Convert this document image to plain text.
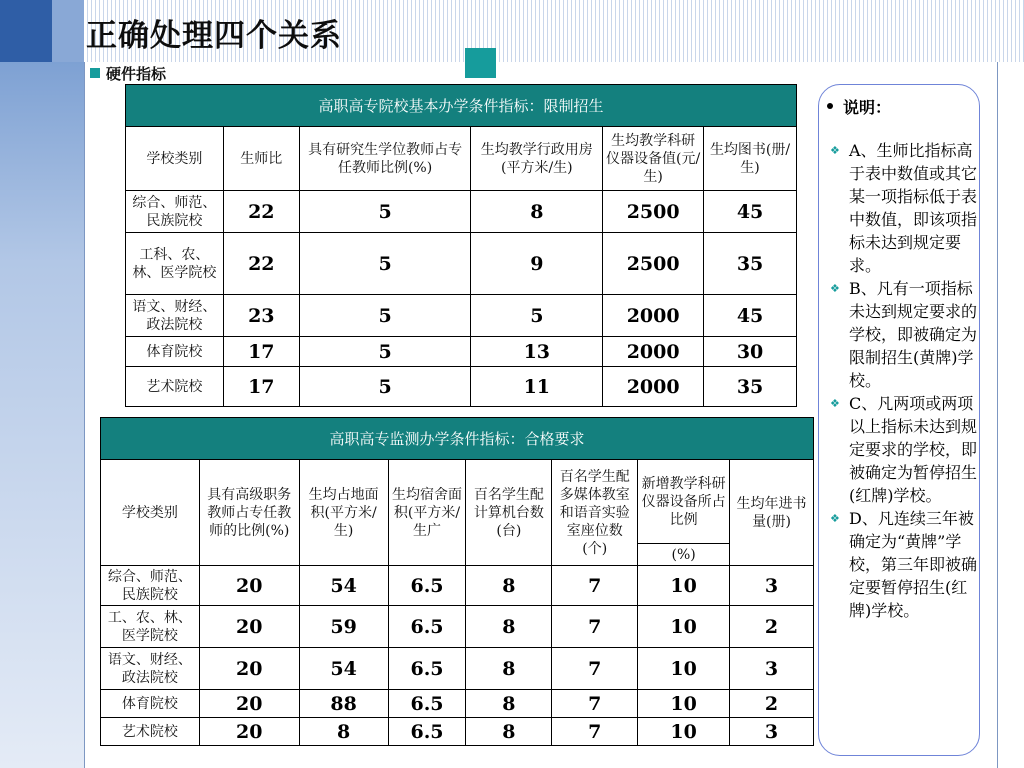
正确处理四个关系
硬件指标
高职高专院校基本办学条件指标：限制招生					
学校类别	生师比	具有研究生学位教师占专任教师比例(%)	生均教学行政用房(平方米/生)	生均教学科研仪器设备值(元/生)	生均图书(册/生)
综合、师范、民族院校	22	5	8	2500	45
工科、农、林、医学院校	22	5	9	2500	35
语文、财经、政法院校	23	5	5	2000	45
体育院校	17	5	13	2000	30
艺术院校	17	5	11	2000	35
高职高专监测办学条件指标：合格要求							
学校类别	具有高级职务教师占专任教师的比例(%)	生均占地面积(平方米/生)	生均宿舍面积(平方米/生广	百名学生配计算机台数(台)	百名学生配多媒体教室和语音实验室座位数(个)	新增教学科研仪器设备所占比例	生均年进书量(册)
						(%)	
综合、师范、民族院校	20	54	6.5	8	7	10	3
工、农、林、医学院校	20	59	6.5	8	7	10	2
语文、财经、政法院校	20	54	6.5	8	7	10	3
体育院校	20	88	6.5	8	7	10	2
艺术院校	20	8	6.5	8	7	10	3
说明：
❖ A、生师比指标高于表中数值或其它某一项指标低于表中数值，即该项指标未达到规定要求。
❖ B、凡有一项指标未达到规定要求的学校，即被确定为限制招生(黄牌)学校。
❖ C、凡两项或两项以上指标未达到规定要求的学校，即被确定为暂停招生(红牌)学校。
❖ D、凡连续三年被确定为“黄牌”学校，第三年即被确定要暂停招生(红牌)学校。
